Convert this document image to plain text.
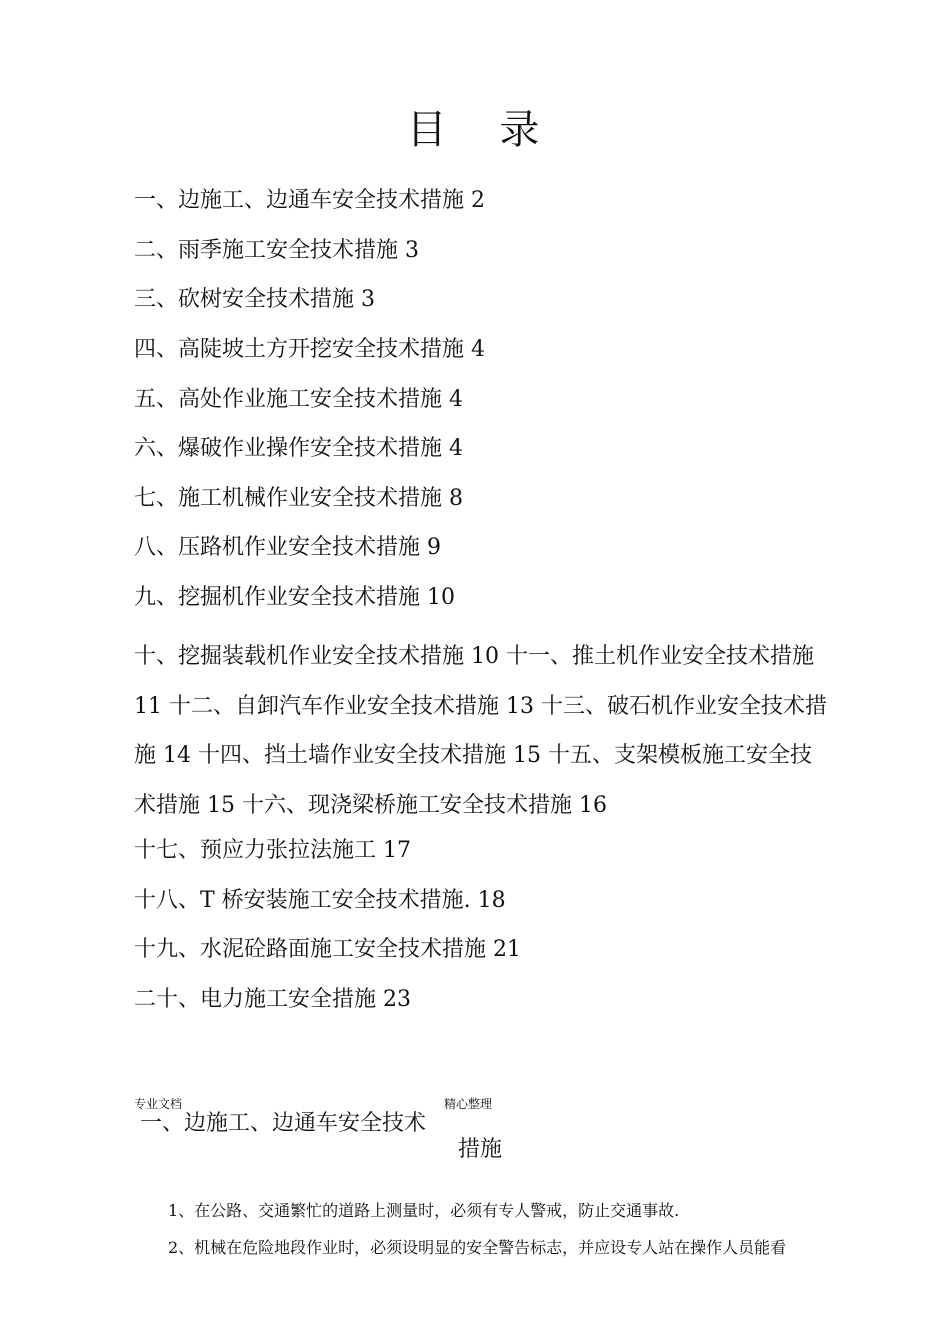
目 录
一、边施工、边通车安全技术措施 2
二、雨季施工安全技术措施 3
三、砍树安全技术措施 3
四、高陡坡土方开挖安全技术措施 4
五、高处作业施工安全技术措施 4
六、爆破作业操作安全技术措施 4
七、施工机械作业安全技术措施 8
八、压路机作业安全技术措施 9
九、挖掘机作业安全技术措施 10
十、挖掘装载机作业安全技术措施 10 十一、推土机作业安全技术措施
11 十二、自卸汽车作业安全技术措施 13 十三、破石机作业安全技术措
施 14 十四、挡土墙作业安全技术措施 15 十五、支架模板施工安全技
术措施 15 十六、现浇梁桥施工安全技术措施 16
十七、预应力张拉法施工 17
十八、T 桥安装施工安全技术措施. 18
十九、水泥砼路面施工安全技术措施 21
二十、电力施工安全措施 23
专业文档	精心整理
一、边施工、边通车安全技术
措施
1、在公路、交通繁忙的道路上测量时，必须有专人警戒，防止交通事故.
2、机械在危险地段作业时，必须设明显的安全警告标志，并应设专人站在操作人员能看
